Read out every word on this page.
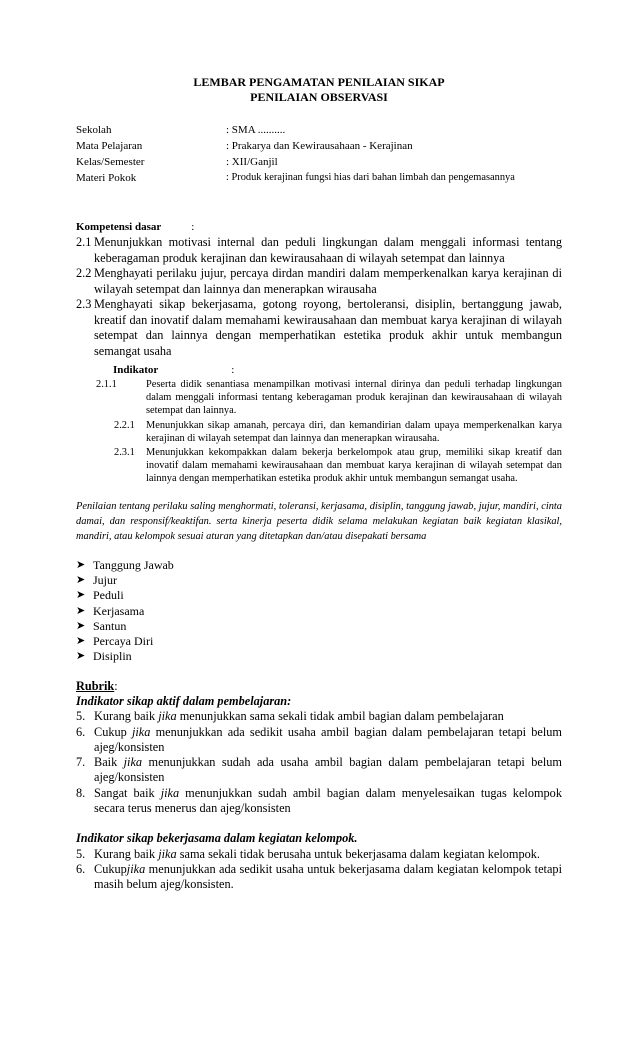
LEMBAR PENGAMATAN PENILAIAN SIKAP
PENILAIAN OBSERVASI
Sekolah	: SMA ..........
Mata Pelajaran	: Prakarya dan Kewirausahaan - Kerajinan
Kelas/Semester	: XII/Ganjil
Materi Pokok	: Produk kerajinan fungsi hias dari bahan limbah dan pengemasannya
Kompetensi dasar	:
2.1 Menunjukkan motivasi internal dan peduli lingkungan dalam menggali informasi tentang keberagaman produk kerajinan dan kewirausahaan di wilayah setempat dan lainnya
2.2 Menghayati perilaku jujur, percaya dirdan mandiri dalam memperkenalkan karya kerajinan di wilayah setempat dan lainnya dan menerapkan wirausaha
2.3 Menghayati sikap bekerjasama, gotong royong, bertoleransi, disiplin, bertanggung jawab, kreatif dan inovatif dalam memahami kewirausahaan dan membuat karya kerajinan di wilayah setempat dan lainnya dengan memperhatikan estetika produk akhir untuk membangun semangat usaha
Indikator	:
2.1.1	Peserta didik senantiasa menampilkan motivasi internal dirinya dan peduli terhadap lingkungan dalam menggali informasi tentang keberagaman produk kerajinan dan kewirausahaan di wilayah setempat dan lainnya.
2.2.1 Menunjukkan sikap amanah, percaya diri, dan kemandirian dalam upaya memperkenalkan karya kerajinan di wilayah setempat dan lainnya dan menerapkan wirausaha.
2.3.1 Menunjukkan kekompakkan dalam bekerja berkelompok atau grup, memiliki sikap kreatif dan inovatif dalam memahami kewirausahaan dan membuat karya kerajinan di wilayah setempat dan lainnya dengan memperhatikan estetika produk akhir untuk membangun semangat usaha.
Penilaian tentang perilaku saling menghormati, toleransi, kerjasama, disiplin, tanggung jawab, jujur, mandiri, cinta damai, dan responsif/keaktifan. serta kinerja peserta didik selama melakukan kegiatan baik kegiatan klasikal, mandiri, atau kelompok sesuai aturan yang ditetapkan dan/atau disepakati bersama
➤ Tanggung Jawab
➤ Jujur
➤ Peduli
➤ Kerjasama
➤ Santun
➤ Percaya Diri
➤ Disiplin
Rubrik:
Indikator sikap aktif dalam pembelajaran:
5. Kurang baik jika menunjukkan sama sekali tidak ambil bagian dalam pembelajaran
6. Cukup jika menunjukkan ada sedikit usaha ambil bagian dalam pembelajaran tetapi belum ajeg/konsisten
7. Baik jika menunjukkan sudah ada usaha ambil bagian dalam pembelajaran tetapi belum ajeg/konsisten
8. Sangat baik jika menunjukkan sudah ambil bagian dalam menyelesaikan tugas kelompok secara terus menerus dan ajeg/konsisten
Indikator sikap bekerjasama dalam kegiatan kelompok.
5. Kurang baik jika sama sekali tidak berusaha untuk bekerjasama dalam kegiatan kelompok.
6. Cukupjika menunjukkan ada sedikit usaha untuk bekerjasama dalam kegiatan kelompok tetapi masih belum ajeg/konsisten.
